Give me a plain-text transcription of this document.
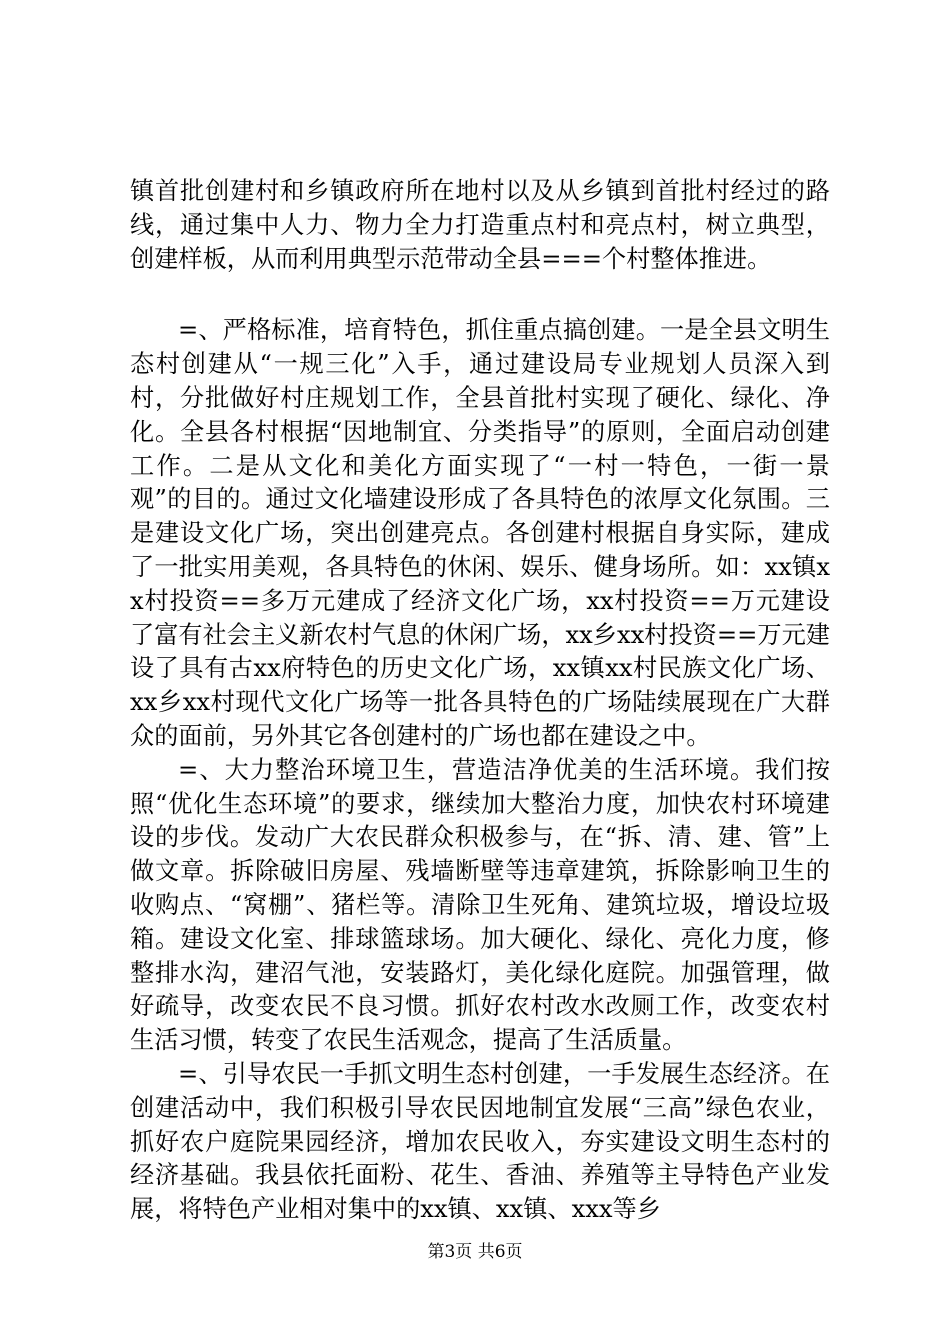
镇首批创建村和乡镇政府所在地村以及从乡镇到首批村经过的路线，通过集中人力、物力全力打造重点村和亮点村，树立典型，创建样板，从而利用典型示范带动全县===个村整体推进。

=、严格标准，培育特色，抓住重点搞创建。一是全县文明生态村创建从“一规三化”入手，通过建设局专业规划人员深入到村，分批做好村庄规划工作，全县首批村实现了硬化、绿化、净化。全县各村根据“因地制宜、分类指导”的原则，全面启动创建工作。二是从文化和美化方面实现了“一村一特色，一街一景观”的目的。通过文化墙建设形成了各具特色的浓厚文化氛围。三是建设文化广场，突出创建亮点。各创建村根据自身实际，建成了一批实用美观，各具特色的休闲、娱乐、健身场所。如：xx镇xx村投资==多万元建成了经济文化广场，xx村投资==万元建设了富有社会主义新农村气息的休闲广场，xx乡xx村投资==万元建设了具有古xx府特色的历史文化广场，xx镇xx村民族文化广场、xx乡xx村现代文化广场等一批各具特色的广场陆续展现在广大群众的面前，另外其它各创建村的广场也都在建设之中。

=、大力整治环境卫生，营造洁净优美的生活环境。我们按照“优化生态环境”的要求，继续加大整治力度，加快农村环境建设的步伐。发动广大农民群众积极参与，在“拆、清、建、管”上做文章。拆除破旧房屋、残墙断壁等违章建筑，拆除影响卫生的收购点、“窝棚”、猪栏等。清除卫生死角、建筑垃圾，增设垃圾箱。建设文化室、排球篮球场。加大硬化、绿化、亮化力度，修整排水沟，建沼气池，安装路灯，美化绿化庭院。加强管理，做好疏导，改变农民不良习惯。抓好农村改水改厕工作，改变农村生活习惯，转变了农民生活观念，提高了生活质量。

=、引导农民一手抓文明生态村创建，一手发展生态经济。在创建活动中，我们积极引导农民因地制宜发展“三高”绿色农业，抓好农户庭院果园经济，增加农民收入，夯实建设文明生态村的经济基础。我县依托面粉、花生、香油、养殖等主导特色产业发展，将特色产业相对集中的xx镇、xx镇、xxx等乡

第3页 共6页
